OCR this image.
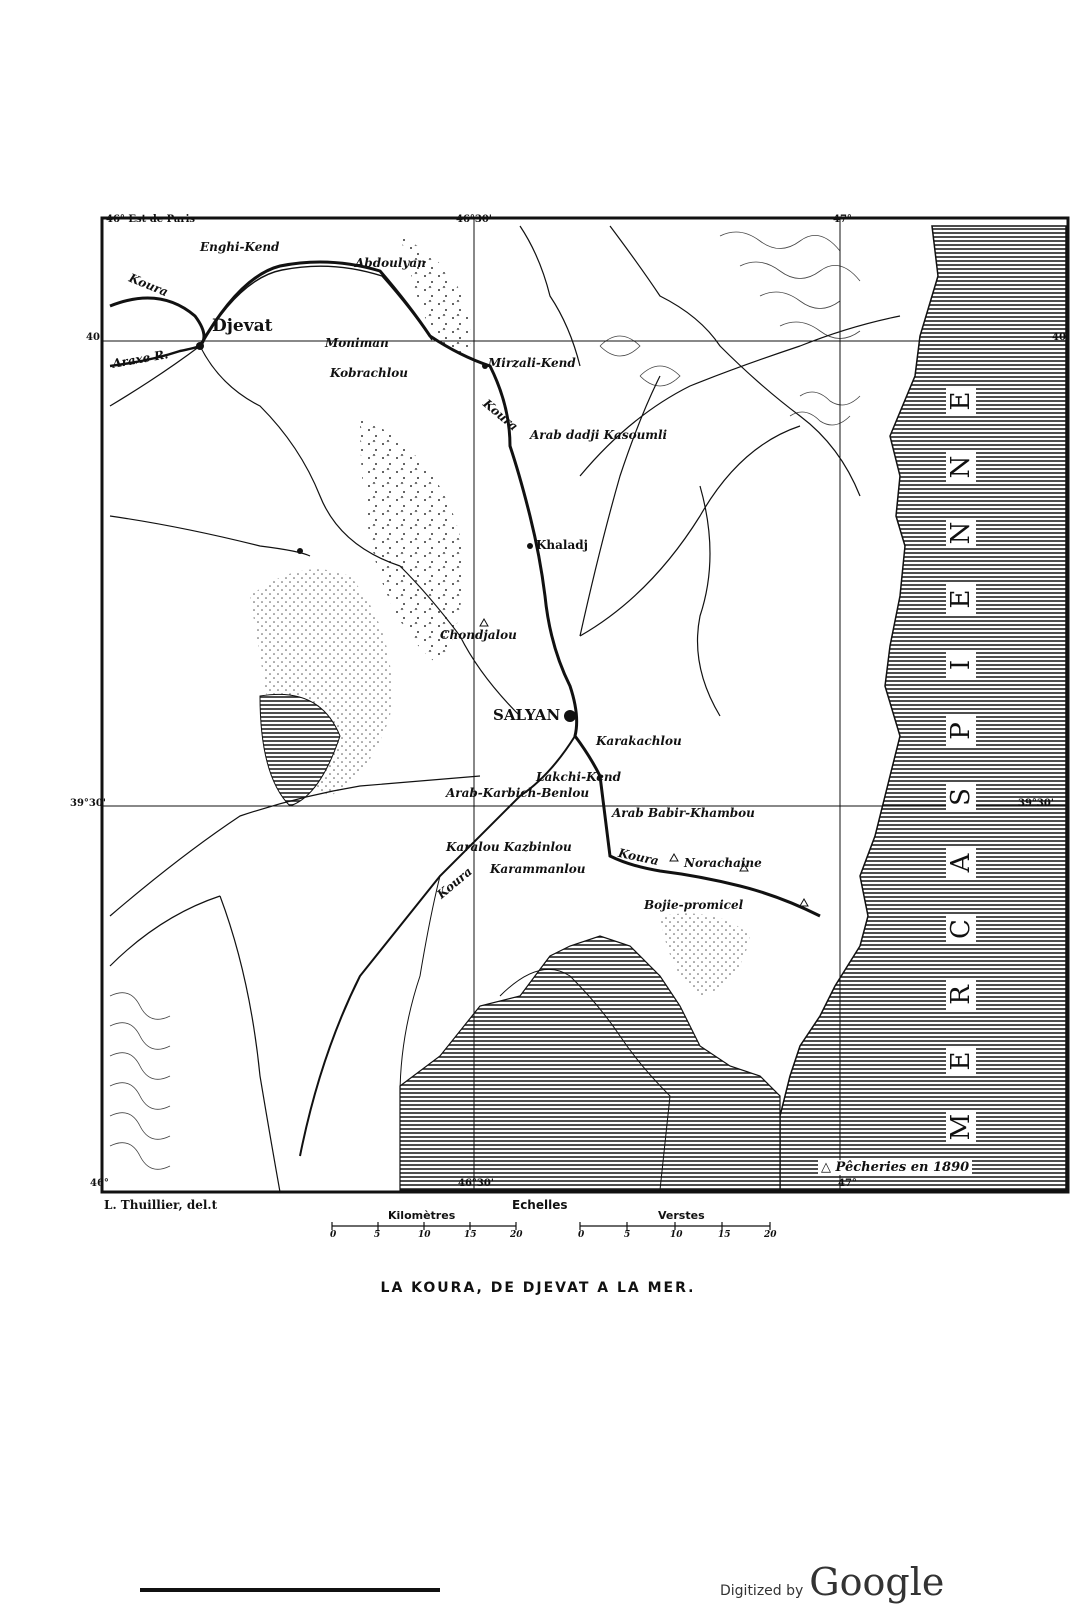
46° Est de Paris	46°30'	47°
46°	46°30'	47°
40	40
39°30'	39°30'
Enghi-Kend
Abdoulyan
Koura
Djevat
Araxe R.
Moniman
Kobrachlou
Mirzali-Kend
Koura
Arab dadji Kasoumli
Khaladj
Chondjalou
SALYAN
Karakachlou
Lakchi-Kend
Arab-Karbich-Benlou
Arab Babir-Khambou
Karalou Kazbinlou	Koura Norachaine
Karammanlou
Koura
Bojie-promicel
E
N
N
E
I
P
S
A
C
R
E
M
△ Pêcheries en 1890
L. Thuillier, del.t	Echelles
Kilomètres	Verstes
0	5	10	15	20	0	5	10	15	20
LA KOURA, DE DJEVAT A LA MER.
Digitized by Google
